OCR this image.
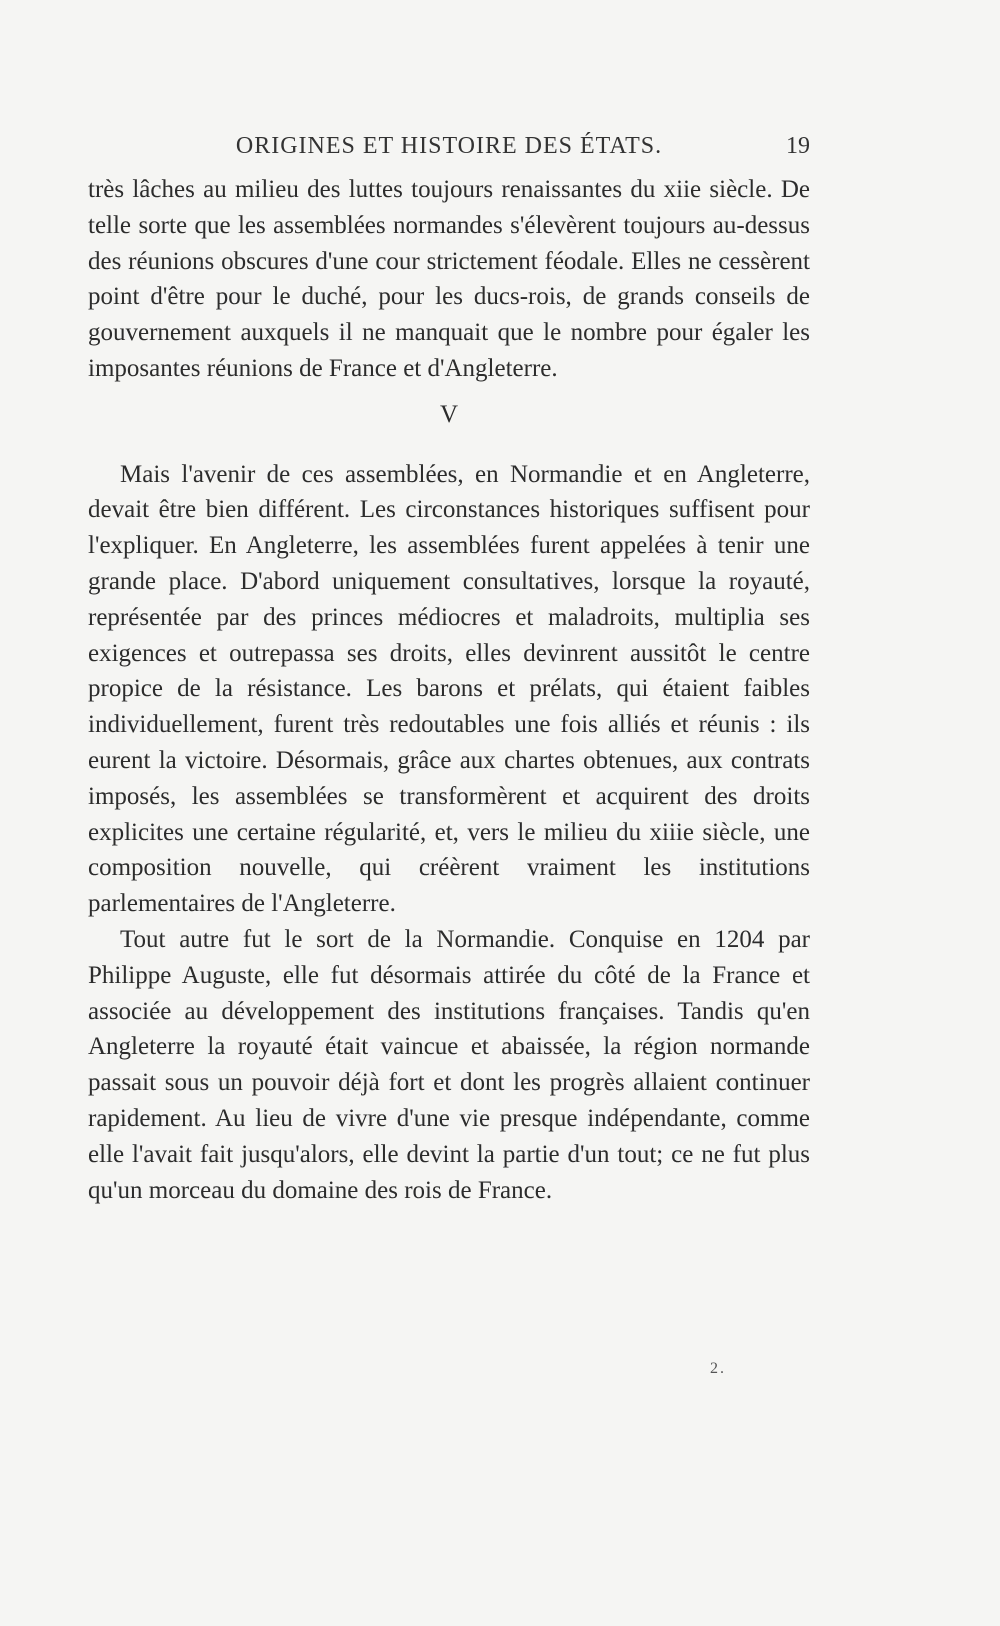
ORIGINES ET HISTOIRE DES ÉTATS.	19

très lâches au milieu des luttes toujours renaissantes du xiie siècle. De telle sorte que les assemblées normandes s'élevèrent toujours au-dessus des réunions obscures d'une cour strictement féodale. Elles ne cessèrent point d'être pour le duché, pour les ducs-rois, de grands conseils de gouvernement auxquels il ne manquait que le nombre pour égaler les imposantes réunions de France et d'Angleterre.

V

Mais l'avenir de ces assemblées, en Normandie et en Angleterre, devait être bien différent. Les circonstances historiques suffisent pour l'expliquer. En Angleterre, les assemblées furent appelées à tenir une grande place. D'abord uniquement consultatives, lorsque la royauté, représentée par des princes médiocres et maladroits, multiplia ses exigences et outrepassa ses droits, elles devinrent aussitôt le centre propice de la résistance. Les barons et prélats, qui étaient faibles individuellement, furent très redoutables une fois alliés et réunis : ils eurent la victoire. Désormais, grâce aux chartes obtenues, aux contrats imposés, les assemblées se transformèrent et acquirent des droits explicites une certaine régularité, et, vers le milieu du xiiie siècle, une composition nouvelle, qui créèrent vraiment les institutions parlementaires de l'Angleterre.

Tout autre fut le sort de la Normandie. Conquise en 1204 par Philippe Auguste, elle fut désormais attirée du côté de la France et associée au développement des institutions françaises. Tandis qu'en Angleterre la royauté était vaincue et abaissée, la région normande passait sous un pouvoir déjà fort et dont les progrès allaient continuer rapidement. Au lieu de vivre d'une vie presque indépendante, comme elle l'avait fait jusqu'alors, elle devint la partie d'un tout; ce ne fut plus qu'un morceau du domaine des rois de France.

2.
